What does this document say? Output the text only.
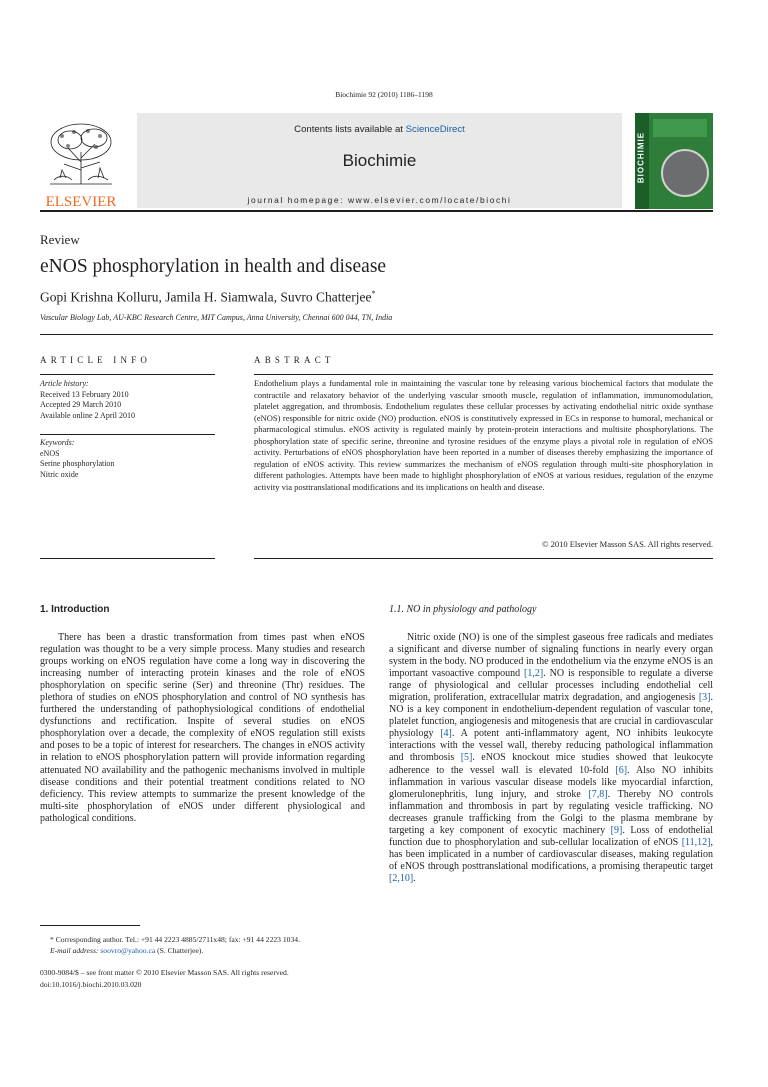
Biochimie 92 (2010) 1186–1198
ELSEVIER
Contents lists available at ScienceDirect
Biochimie
journal homepage: www.elsevier.com/locate/biochi
BIOCHIMIE
Review
eNOS phosphorylation in health and disease
Gopi Krishna Kolluru, Jamila H. Siamwala, Suvro Chatterjee*
Vascular Biology Lab, AU-KBC Research Centre, MIT Campus, Anna University, Chennai 600 044, TN, India
ARTICLE INFO	ABSTRACT
Article history:
Received 13 February 2010
Accepted 29 March 2010
Available online 2 April 2010
Keywords:
eNOS
Serine phosphorylation
Nitric oxide
Endothelium plays a fundamental role in maintaining the vascular tone by releasing various biochemical factors that modulate the contractile and relaxatory behavior of the underlying vascular smooth muscle, regulation of inflammation, immunomodulation, platelet aggregation, and thrombosis. Endothelium regulates these cellular processes by activating endothelial nitric oxide synthase (eNOS) responsible for nitric oxide (NO) production. eNOS is constitutively expressed in ECs in response to humoral, mechanical or pharmacological stimulus. eNOS activity is regulated mainly by protein-protein interactions and multisite phosphorylations. The phosphorylation state of specific serine, threonine and tyrosine residues of the enzyme plays a pivotal role in regulation of eNOS activity. Perturbations of eNOS phosphorylation have been reported in a number of diseases thereby emphasizing the importance of regulation of eNOS activity. This review summarizes the mechanism of eNOS regulation through multi-site phosphorylation in different pathologies. Attempts have been made to highlight phosphorylation of eNOS at various residues, regulation of the enzyme activity via posttranslational modifications and its implications on health and disease.
© 2010 Elsevier Masson SAS. All rights reserved.
1. Introduction
There has been a drastic transformation from times past when eNOS regulation was thought to be a very simple process. Many studies and research groups working on eNOS regulation have come a long way in discovering the increasing number of interacting protein kinases and the role of eNOS phosphorylation on specific serine (Ser) and threonine (Thr) residues. The plethora of studies on eNOS phosphorylation and control of NO synthesis has furthered the understanding of pathophysiological conditions of endothelial dysfunctions and rectification. Inspite of several studies on eNOS phosphorylation over a decade, the complexity of eNOS regulation still exists and poses to be a topic of interest for researchers. The changes in eNOS activity in relation to eNOS phosphorylation pattern will provide information regarding attenuated NO availability and the pathogenic mechanisms involved in multiple disease conditions and their potential treatment conditions related to NO deficiency. This review attempts to summarize the present knowledge of the multi-site phosphorylation of eNOS under different physiological and pathological conditions.
1.1. NO in physiology and pathology
Nitric oxide (NO) is one of the simplest gaseous free radicals and mediates a significant and diverse number of signaling functions in nearly every organ system in the body. NO produced in the endothelium via the enzyme eNOS is an important vasoactive compound [1,2]. NO is responsible to regulate a diverse range of physiological and cellular processes including endothelial cell migration, proliferation, extracellular matrix degradation, and angiogenesis [3]. NO is a key component in endothelium-dependent regulation of vascular tone, platelet function, angiogenesis and mitogenesis that are crucial in cardiovascular physiology [4]. A potent anti-inflammatory agent, NO inhibits leukocyte interactions with the vessel wall, thereby reducing pathological inflammation and thrombosis [5]. eNOS knockout mice studies showed that leukocyte adherence to the vessel wall is elevated 10-fold [6]. Also NO inhibits inflammation in various vascular disease models like myocardial infarction, glomerulonephritis, lung injury, and stroke [7,8]. Thereby NO controls inflammation and thrombosis in part by regulating vesicle trafficking. NO decreases granule trafficking from the Golgi to the plasma membrane by targeting a key component of exocytic machinery [9]. Loss of endothelial function due to phosphorylation and sub-cellular localization of eNOS [11,12], has been implicated in a number of cardiovascular diseases, making regulation of eNOS through posttranslational modifications, a promising therapeutic target [2,10].
* Corresponding author. Tel.: +91 44 2223 4885/2711x48; fax: +91 44 2223 1034.
E-mail address: soovro@yahoo.ca (S. Chatterjee).
0300-9084/$ – see front matter © 2010 Elsevier Masson SAS. All rights reserved.
doi:10.1016/j.biochi.2010.03.020
